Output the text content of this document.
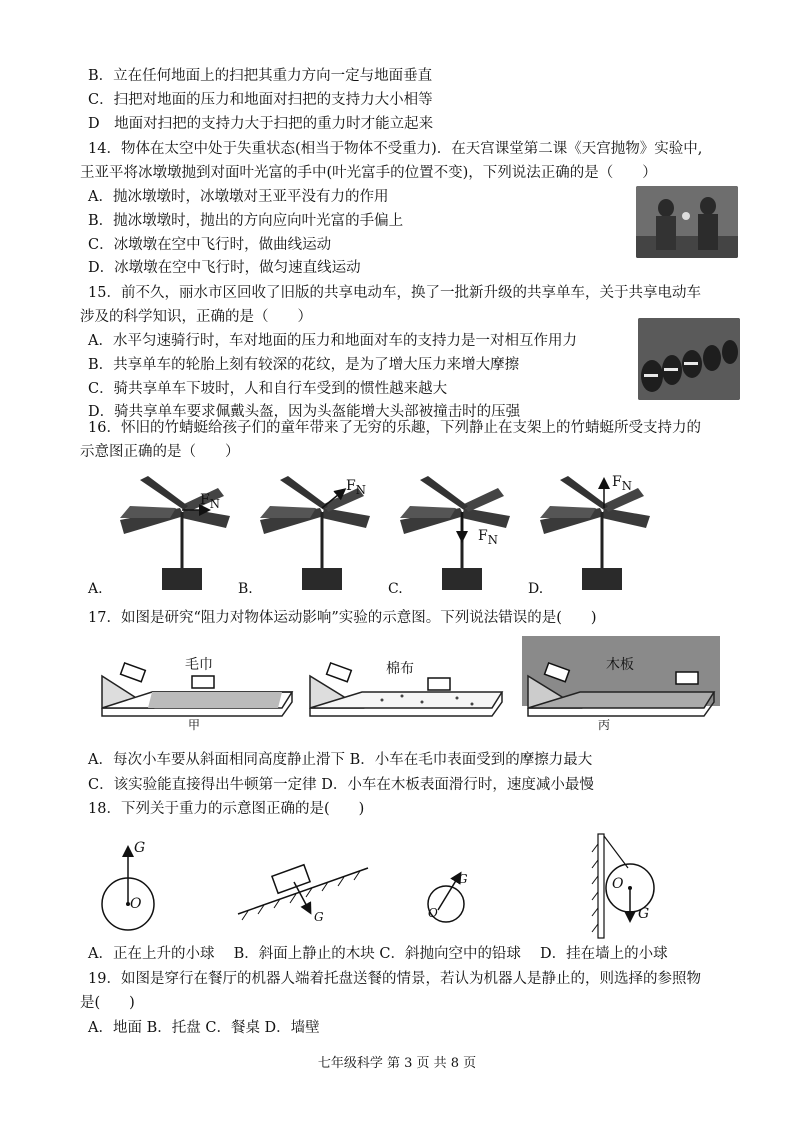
B．立在任何地面上的扫把其重力方向一定与地面垂直
C．扫把对地面的压力和地面对扫把的支持力大小相等
D　地面对扫把的支持力大于扫把的重力时才能立起来
14．物体在太空中处于失重状态(相当于物体不受重力)．在天宫课堂第二课《天宫抛物》实验中,
王亚平将冰墩墩抛到对面叶光富的手中(叶光富手的位置不变)，下列说法正确的是（　　）
A．抛冰墩墩时，冰墩墩对王亚平没有力的作用
B．抛冰墩墩时，抛出的方向应向叶光富的手偏上
C．冰墩墩在空中飞行时，做曲线运动
D．冰墩墩在空中飞行时，做匀速直线运动
15．前不久，丽水市区回收了旧版的共享电动车，换了一批新升级的共享单车，关于共享电动车
涉及的科学知识，正确的是（　　）
A．水平匀速骑行时，车对地面的压力和地面对车的支持力是一对相互作用力
B．共享单车的轮胎上刻有较深的花纹，是为了增大压力来增大摩擦
C．骑共享单车下坡时，人和自行车受到的惯性越来越大
D．骑共享单车要求佩戴头盔，因为头盔能增大头部被撞击时的压强
16．怀旧的竹蜻蜓给孩子们的童年带来了无穷的乐趣，下列静止在支架上的竹蜻蜓所受支持力的
示意图正确的是（　　）
$F_N$
$F_N$
$F_N$
$F_N$
A.	B.	C.	D.
17．如图是研究“阻力对物体运动影响”实验的示意图。下列说法错误的是(　　)
毛巾	棉布	木板
甲	丙
A．每次小车要从斜面相同高度静止滑下 B．小车在毛巾表面受到的摩擦力最大
C．该实验能直接得出牛顿第一定律 D．小车在木板表面滑行时，速度减小最慢
18．下列关于重力的示意图正确的是(　　)
G
O
G
G
O
O
G
A．正在上升的小球　 B．斜面上静止的木块 C．斜抛向空中的铅球　 D．挂在墙上的小球
19．如图是穿行在餐厅的机器人端着托盘送餐的情景，若认为机器人是静止的，则选择的参照物
是(　　)
A．地面 B．托盘 C．餐桌 D．墙壁
七年级科学 第 3 页 共 8 页
